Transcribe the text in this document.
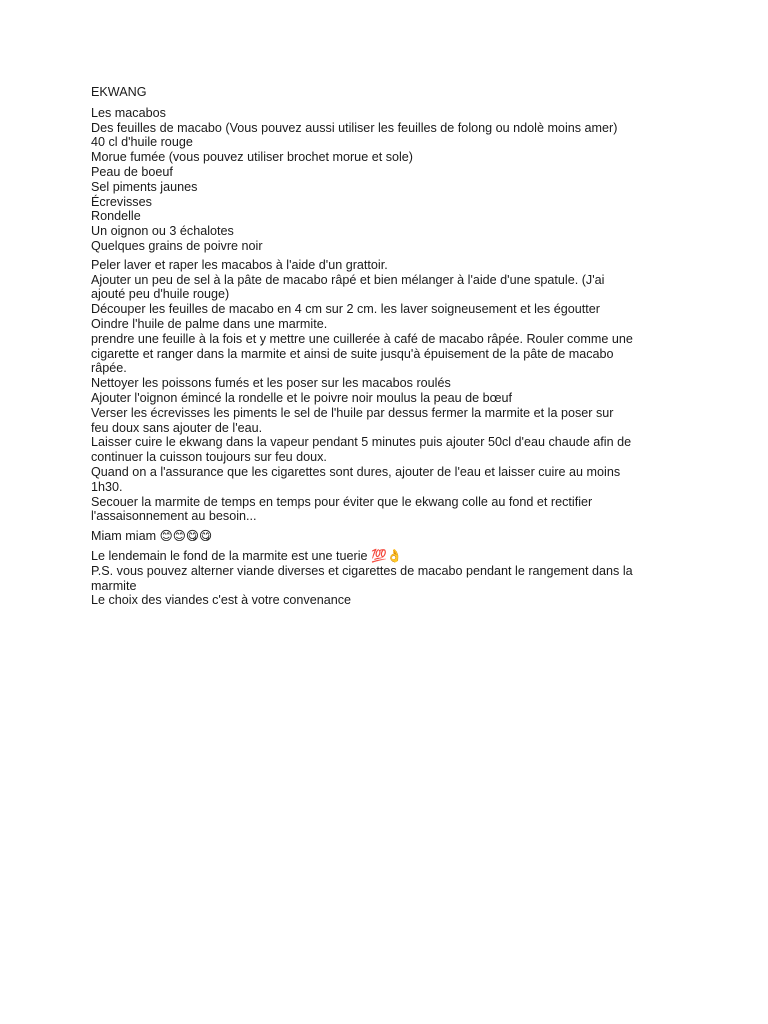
EKWANG
Les macabos
Des feuilles de macabo (Vous pouvez aussi utiliser les feuilles de folong ou ndolè moins amer)
40 cl d'huile rouge
Morue fumée (vous pouvez utiliser brochet morue et sole)
Peau de boeuf
Sel piments jaunes
Écrevisses
Rondelle
Un oignon ou 3 échalotes
Quelques grains de poivre noir
Peler laver et raper les macabos à l'aide d'un grattoir.
Ajouter un peu de sel à la pâte de macabo râpé et bien mélanger à l'aide d'une spatule. (J'ai
ajouté peu d'huile rouge)
Découper les feuilles de macabo en 4 cm sur 2 cm. les laver soigneusement et les égoutter
Oindre l'huile de palme dans une marmite.
prendre une feuille à la fois et y mettre une cuillerée à café de macabo râpée. Rouler comme une
cigarette et ranger dans la marmite et ainsi de suite jusqu'à épuisement de la pâte de macabo
râpée.
Nettoyer les poissons fumés et les poser sur les macabos roulés
Ajouter l'oignon émincé la rondelle et le poivre noir moulus la peau de bœuf
Verser les écrevisses les piments le sel de l'huile par dessus fermer la marmite et la poser sur
feu doux sans ajouter de l'eau.
Laisser cuire le ekwang dans la vapeur pendant 5 minutes puis ajouter 50cl d'eau chaude afin de
continuer la cuisson toujours sur feu doux.
Quand on a l'assurance que les cigarettes sont dures, ajouter de l'eau et laisser cuire au moins
1h30.
Secouer la marmite de temps en temps pour éviter que le ekwang colle au fond et rectifier
l'assaisonnement au besoin...
Miam miam 😊😊😋😋
Le lendemain le fond de la marmite est une tuerie 💯👌
P.S. vous pouvez alterner viande diverses et cigarettes de macabo pendant le rangement dans la
marmite
Le choix des viandes c'est à votre convenance
